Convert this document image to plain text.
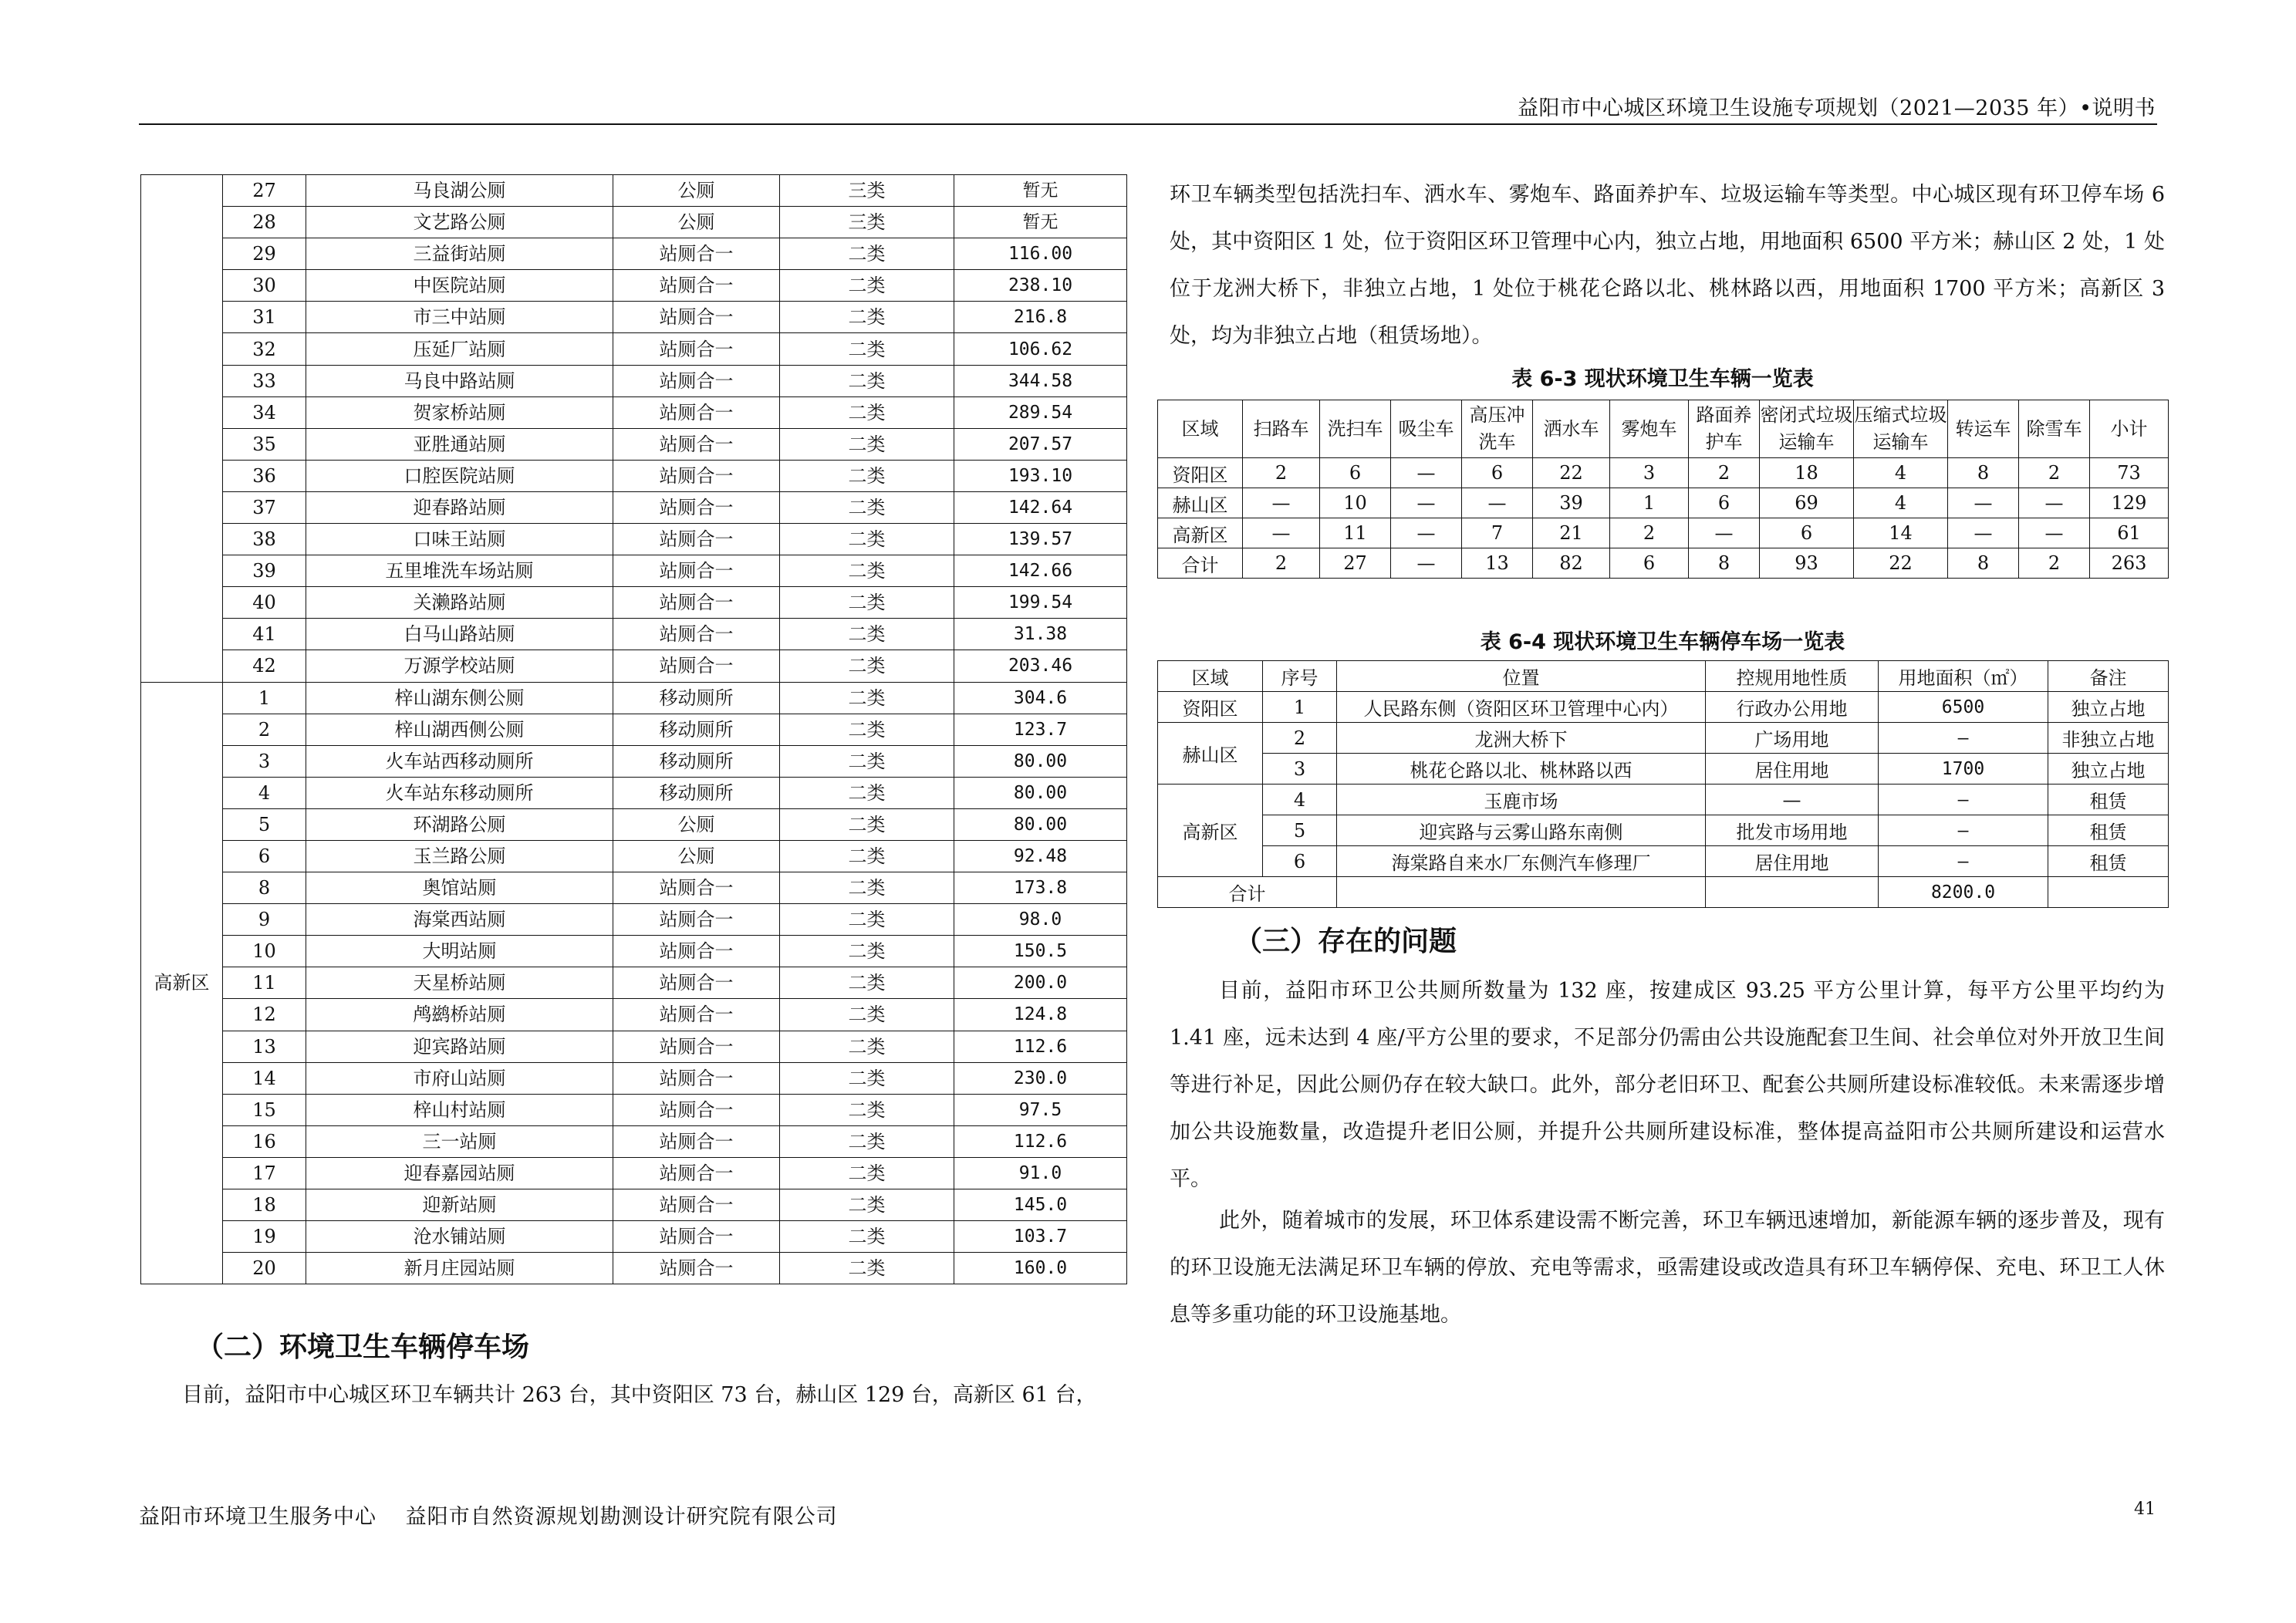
益阳市中心城区环境卫生设施专项规划（2021—2035 年）•说明书
	27	马良湖公厕	公厕	三类	暂无
	28	文艺路公厕	公厕	三类	暂无
	29	三益街站厕	站厕合一	二类	116.00
	30	中医院站厕	站厕合一	二类	238.10
	31	市三中站厕	站厕合一	二类	216.8
	32	压延厂站厕	站厕合一	二类	106.62
	33	马良中路站厕	站厕合一	二类	344.58
	34	贺家桥站厕	站厕合一	二类	289.54
	35	亚胜通站厕	站厕合一	二类	207.57
	36	口腔医院站厕	站厕合一	二类	193.10
	37	迎春路站厕	站厕合一	二类	142.64
	38	口味王站厕	站厕合一	二类	139.57
	39	五里堆洗车场站厕	站厕合一	二类	142.66
	40	关濑路站厕	站厕合一	二类	199.54
	41	白马山路站厕	站厕合一	二类	31.38
	42	万源学校站厕	站厕合一	二类	203.46
高新区	1	梓山湖东侧公厕	移动厕所	二类	304.6
	2	梓山湖西侧公厕	移动厕所	二类	123.7
	3	火车站西移动厕所	移动厕所	二类	80.00
	4	火车站东移动厕所	移动厕所	二类	80.00
	5	环湖路公厕	公厕	二类	80.00
	6	玉兰路公厕	公厕	二类	92.48
	8	奥馆站厕	站厕合一	二类	173.8
	9	海棠西站厕	站厕合一	二类	98.0
	10	大明站厕	站厕合一	二类	150.5
	11	天星桥站厕	站厕合一	二类	200.0
	12	鸬鹚桥站厕	站厕合一	二类	124.8
	13	迎宾路站厕	站厕合一	二类	112.6
	14	市府山站厕	站厕合一	二类	230.0
	15	梓山村站厕	站厕合一	二类	97.5
	16	三一站厕	站厕合一	二类	112.6
	17	迎春嘉园站厕	站厕合一	二类	91.0
	18	迎新站厕	站厕合一	二类	145.0
	19	沧水铺站厕	站厕合一	二类	103.7
	20	新月庄园站厕	站厕合一	二类	160.0
（二）环境卫生车辆停车场

目前，益阳市中心城区环卫车辆共计 263 台，其中资阳区 73 台，赫山区 129 台，高新区 61 台，

环卫车辆类型包括洗扫车、洒水车、雾炮车、路面养护车、垃圾运输车等类型。中心城区现有环卫停车场 6 处，其中资阳区 1 处，位于资阳区环卫管理中心内，独立占地，用地面积 6500 平方米；赫山区 2 处，1 处位于龙洲大桥下，非独立占地，1 处位于桃花仑路以北、桃林路以西，用地面积 1700 平方米；高新区 3 处，均为非独立占地（租赁场地）。

表 6-3 现状环境卫生车辆一览表
区域	扫路车	洗扫车	吸尘车	高压冲洗车	洒水车	雾炮车	路面养护车	密闭式垃圾运输车	压缩式垃圾运输车	转运车	除雪车	小计
资阳区	2	6	—	6	22	3	2	18	4	8	2	73
赫山区	—	10	—	—	39	1	6	69	4	—	—	129
高新区	—	11	—	7	21	2	—	6	14	—	—	61
合计	2	27	—	13	82	6	8	93	22	8	2	263
表 6-4 现状环境卫生车辆停车场一览表
区域	序号	位置	控规用地性质	用地面积（㎡）	备注
资阳区	1	人民路东侧（资阳区环卫管理中心内）	行政办公用地	6500	独立占地
赫山区	2	龙洲大桥下	广场用地	—	非独立占地
	3	桃花仑路以北、桃林路以西	居住用地	1700	独立占地
高新区	4	玉鹿市场	—	—	租赁
	5	迎宾路与云雾山路东南侧	批发市场用地	—	租赁
	6	海棠路自来水厂东侧汽车修理厂	居住用地	—	租赁
合计				8200.0	
（三）存在的问题

目前，益阳市环卫公共厕所数量为 132 座，按建成区 93.25 平方公里计算，每平方公里平均约为 1.41 座，远未达到 4 座/平方公里的要求，不足部分仍需由公共设施配套卫生间、社会单位对外开放卫生间等进行补足，因此公厕仍存在较大缺口。此外，部分老旧环卫、配套公共厕所建设标准较低。未来需逐步增加公共设施数量，改造提升老旧公厕，并提升公共厕所建设标准，整体提高益阳市公共厕所建设和运营水平。

此外，随着城市的发展，环卫体系建设需不断完善，环卫车辆迅速增加，新能源车辆的逐步普及，现有的环卫设施无法满足环卫车辆的停放、充电等需求，亟需建设或改造具有环卫车辆停保、充电、环卫工人休息等多重功能的环卫设施基地。

益阳市环境卫生服务中心　 益阳市自然资源规划勘测设计研究院有限公司	41
